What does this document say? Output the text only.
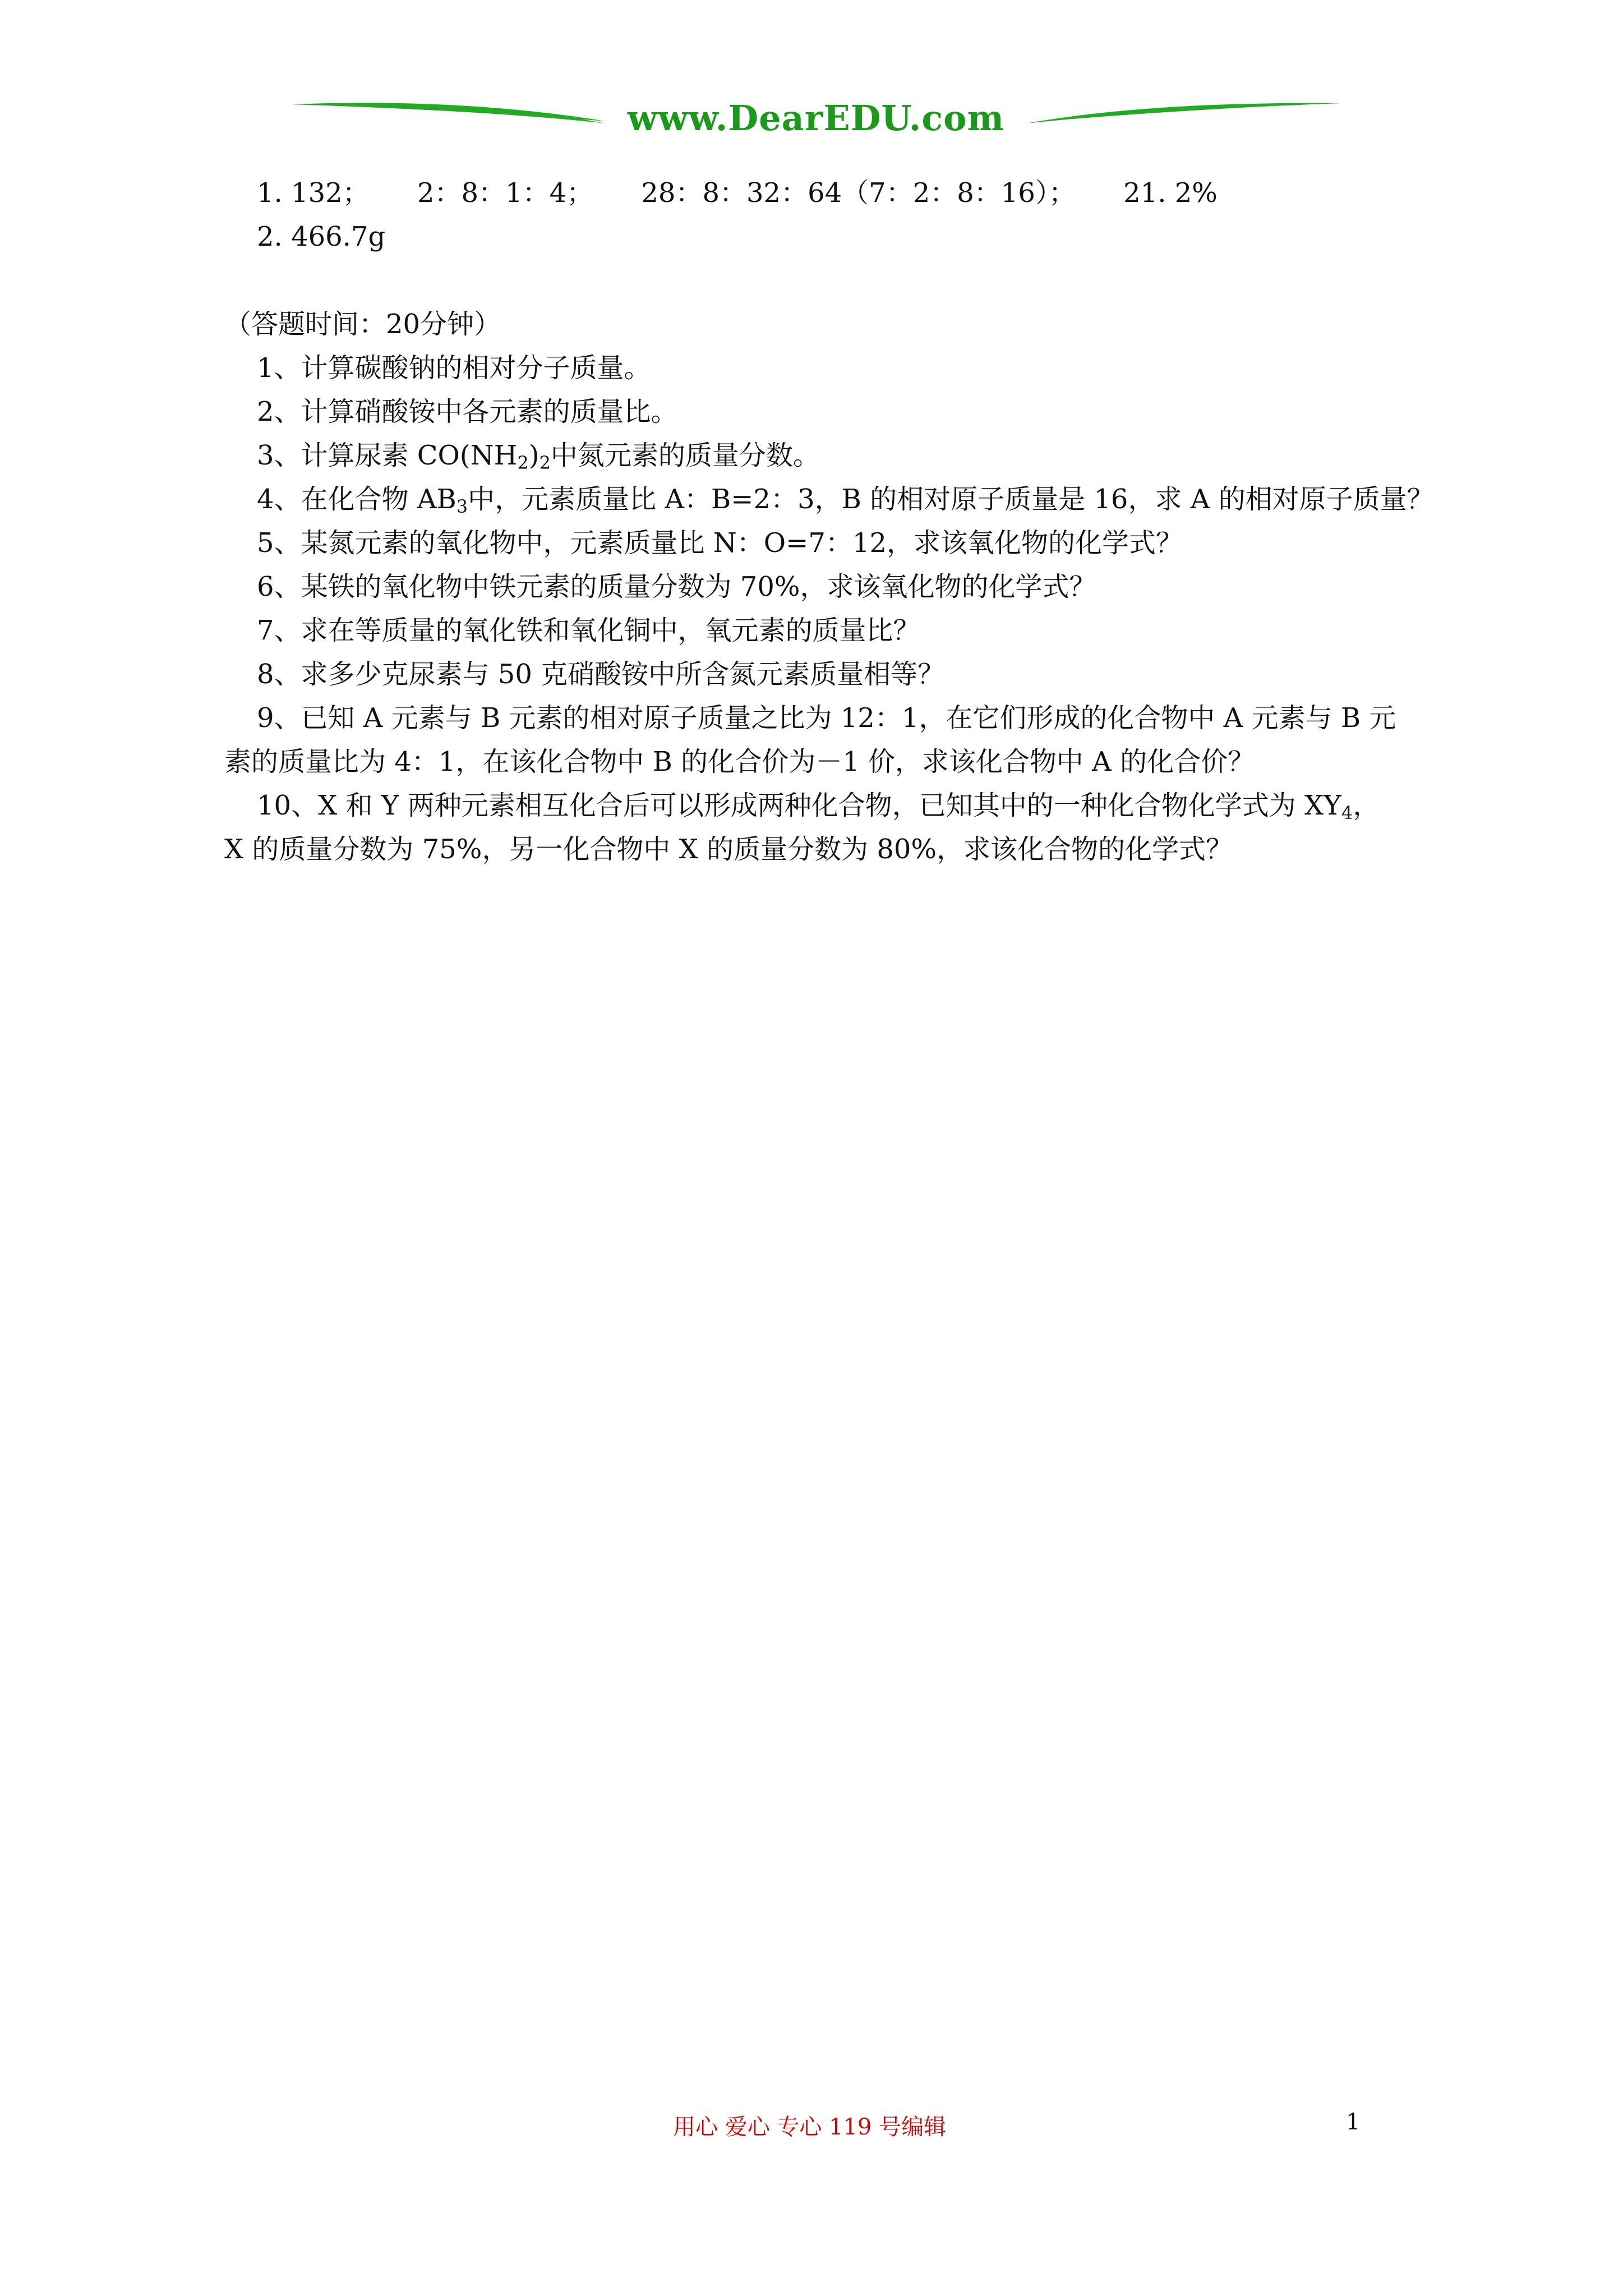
www.DearEDU.com
1. 132； 2：8：1：4； 28：8：32：64（7：2：8：16）； 21. 2%
2. 466.7g
（答题时间：20分钟）
1、计算碳酸钠的相对分子质量。
2、计算硝酸铵中各元素的质量比。
3、计算尿素 $CO(NH_2)_2$中氮元素的质量分数。
4、在化合物 $AB_3$中，元素质量比 A：B=2：3，B 的相对原子质量是 16，求 A 的相对原子质量？
5、某氮元素的氧化物中，元素质量比 N：O=7：12，求该氧化物的化学式？
6、某铁的氧化物中铁元素的质量分数为 70%，求该氧化物的化学式？
7、求在等质量的氧化铁和氧化铜中，氧元素的质量比？
8、求多少克尿素与 50 克硝酸铵中所含氮元素质量相等？
9、已知 A 元素与 B 元素的相对原子质量之比为 12：1，在它们形成的化合物中 A 元素与 B 元
素的质量比为 4：1，在该化合物中 B 的化合价为－1 价，求该化合物中 A 的化合价？
10、X 和 Y 两种元素相互化合后可以形成两种化合物，已知其中的一种化合物化学式为 $XY_4$，
X 的质量分数为 75%，另一化合物中 X 的质量分数为 80%，求该化合物的化学式？
用心 爱心 专心 119 号编辑	1
